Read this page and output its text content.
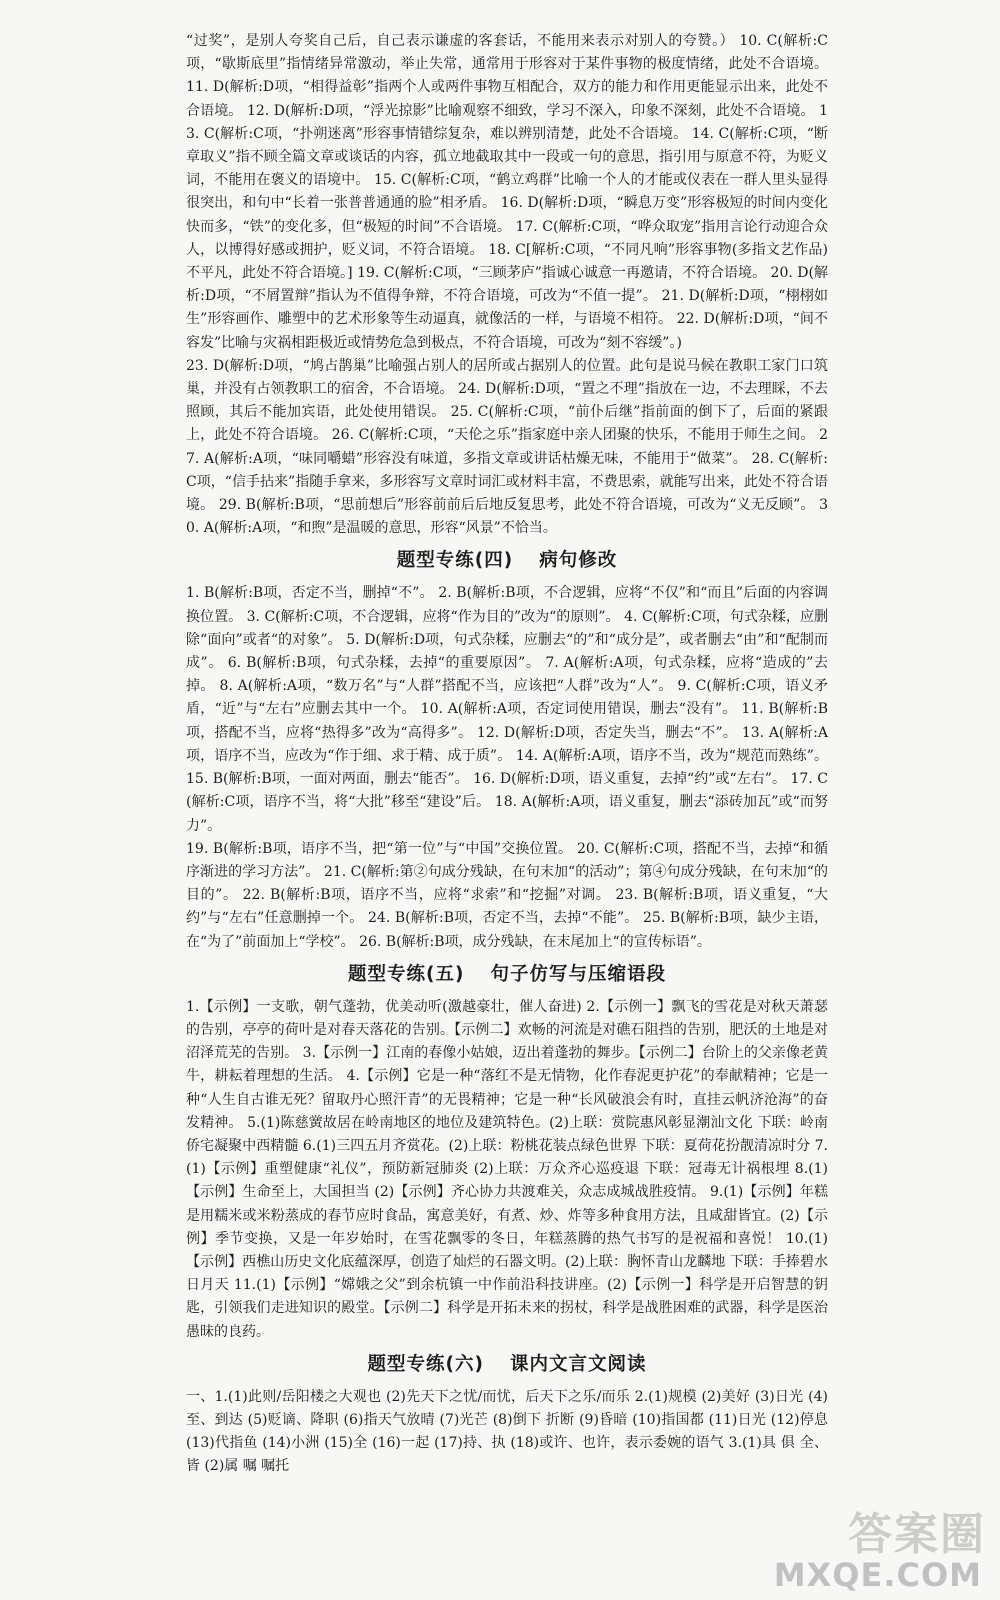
“过奖”，是别人夸奖自己后，自己表示谦虚的客套话，不能用来表示对别人的夸赞。） 10. C(解析:C项，“歇斯底里”指情绪异常激动，举止失常，通常用于形容对于某件事物的极度情绪，此处不合语境。 11. D(解析:D项，“相得益彰”指两个人或两件事物互相配合，双方的能力和作用更能显示出来，此处不合语境。 12. D(解析:D项，“浮光掠影”比喻观察不细致，学习不深入，印象不深刻，此处不合语境。 13. C(解析:C项，“扑朔迷离”形容事情错综复杂，难以辨别清楚，此处不合语境。 14. C(解析:C项，“断章取义”指不顾全篇文章或谈话的内容，孤立地截取其中一段或一句的意思，指引用与原意不符，为贬义词，不能用在褒义的语境中。 15. C(解析:C项，“鹤立鸡群”比喻一个人的才能或仪表在一群人里头显得很突出，和句中“长着一张普普通通的脸”相矛盾。 16. D(解析:D项，“瞬息万变”形容极短的时间内变化快而多，“铁”的变化多，但“极短的时间”不合语境。 17. C(解析:C项，“哗众取宠”指用言论行动迎合众人，以博得好感或拥护，贬义词，不符合语境。 18. C[解析:C项，“不同凡响”形容事物(多指文艺作品)不平凡，此处不符合语境。] 19. C(解析:C项，“三顾茅庐”指诚心诚意一再邀请，不符合语境。 20. D(解析:D项，“不屑置辩”指认为不值得争辩，不符合语境，可改为“不值一提”。 21. D(解析:D项，“栩栩如生”形容画作、雕塑中的艺术形象等生动逼真，就像活的一样，与语境不相符。 22. D(解析:D项，“间不容发”比喻与灾祸相距极近或情势危急到极点，不符合语境，可改为“刻不容缓”。)

23. D(解析:D项，“鸠占鹊巢”比喻强占别人的居所或占据别人的位置。此句是说马候在教职工家门口筑巢，并没有占领教职工的宿舍，不合语境。 24. D(解析:D项，“置之不理”指放在一边，不去理睬，不去照顾，其后不能加宾语，此处使用错误。 25. C(解析:C项，“前仆后继”指前面的倒下了，后面的紧跟上，此处不符合语境。 26. C(解析:C项，“天伦之乐”指家庭中亲人团聚的快乐，不能用于师生之间。 27. A(解析:A项，“味同嚼蜡”形容没有味道，多指文章或讲话枯燥无味，不能用于“做菜”。 28. C(解析:C项，“信手拈来”指随手拿来，多形容写文章时词汇或材料丰富，不费思索，就能写出来，此处不符合语境。 29. B(解析:B项，“思前想后”形容前前后后地反复思考，此处不符合语境，可改为“义无反顾”。 30. A(解析:A项，“和煦”是温暖的意思，形容“风景”不恰当。

题型专练(四) 病句修改

1. B(解析:B项，否定不当，删掉“不”。 2. B(解析:B项，不合逻辑，应将“不仅”和“而且”后面的内容调换位置。 3. C(解析:C项，不合逻辑，应将“作为目的”改为“的原则”。 4. C(解析:C项，句式杂糅，应删除“面向”或者“的对象”。 5. D(解析:D项，句式杂糅，应删去“的”和“成分是”，或者删去“由”和“配制而成”。 6. B(解析:B项，句式杂糅，去掉“的重要原因”。 7. A(解析:A项，句式杂糅，应将“造成的”去掉。 8. A(解析:A项，“数万名”与“人群”搭配不当，应该把“人群”改为“人”。 9. C(解析:C项，语义矛盾，“近”与“左右”应删去其中一个。 10. A(解析:A项，否定词使用错误，删去“没有”。 11. B(解析:B项，搭配不当，应将“热得多”改为“高得多”。 12. D(解析:D项，否定失当，删去“不”。 13. A(解析:A项，语序不当，应改为“作于细、求于精、成于质”。 14. A(解析:A项，语序不当，改为“规范而熟练”。 15. B(解析:B项，一面对两面，删去“能否”。 16. D(解析:D项，语义重复，去掉“约”或“左右”。 17. C(解析:C项，语序不当，将“大批”移至“建设”后。 18. A(解析:A项，语义重复，删去“添砖加瓦”或“而努力”。

19. B(解析:B项，语序不当，把“第一位”与“中国”交换位置。 20. C(解析:C项，搭配不当，去掉“和循序渐进的学习方法”。 21. C(解析:第②句成分残缺，在句末加“的活动”；第④句成分残缺，在句末加“的目的”。 22. B(解析:B项，语序不当，应将“求索”和“挖掘”对调。 23. B(解析:B项，语义重复，“大约”与“左右”任意删掉一个。 24. B(解析:B项，否定不当，去掉“不能”。 25. B(解析:B项，缺少主语，在“为了”前面加上“学校”。 26. B(解析:B项，成分残缺，在末尾加上“的宣传标语”。

题型专练(五) 句子仿写与压缩语段

1.【示例】一支歌，朝气蓬勃，优美动听(激越豪壮，催人奋进) 2.【示例一】飘飞的雪花是对秋天萧瑟的告别，亭亭的荷叶是对春天落花的告别。【示例二】欢畅的河流是对礁石阻挡的告别，肥沃的土地是对沼泽荒芜的告别。 3.【示例一】江南的春像小姑娘，迈出着蓬勃的舞步。【示例二】台阶上的父亲像老黄牛，耕耘着理想的生活。 4.【示例】它是一种“落红不是无情物，化作春泥更护花”的奉献精神；它是一种“人生自古谁无死？留取丹心照汗青”的无畏精神；它是一种“长风破浪会有时，直挂云帆济沧海”的奋发精神。 5.(1)陈慈黉故居在岭南地区的地位及建筑特色。(2)上联：赏院惠风彰显潮汕文化 下联：岭南侨宅凝聚中西精髓 6.(1)三四五月齐赏花。(2)上联：粉桃花装点绿色世界 下联：夏荷花扮靓清凉时分 7.(1)【示例】重塑健康“礼仪”，预防新冠肺炎 (2)上联：万众齐心巡疫退 下联：冠毒无计祸根埋 8.(1)【示例】生命至上，大国担当 (2)【示例】齐心协力共渡难关，众志成城战胜疫情。 9.(1)【示例】年糕是用糯米或米粉蒸成的春节应时食品，寓意美好，有煮、炒、炸等多种食用方法，且咸甜皆宜。(2)【示例】季节变换，又是一年岁始时，在雪花飘零的冬日，年糕蒸腾的热气书写的是祝福和喜悦！ 10.(1)【示例】西樵山历史文化底蕴深厚，创造了灿烂的石器文明。(2)上联：胸怀青山龙麟地 下联：手捧碧水日月天 11.(1)【示例】“嫦娥之父”到余杭镇一中作前沿科技讲座。(2)【示例一】科学是开启智慧的钥匙，引领我们走进知识的殿堂。【示例二】科学是开拓未来的拐杖，科学是战胜困难的武器，科学是医治愚昧的良药。

题型专练(六) 课内文言文阅读

一、1.(1)此则/岳阳楼之大观也 (2)先天下之忧/而忧，后天下之乐/而乐 2.(1)规模 (2)美好 (3)日光 (4)至、到达 (5)贬谪、降职 (6)指天气放晴 (7)光芒 (8)倒下 折断 (9)昏暗 (10)指国都 (11)日光 (12)停息 (13)代指鱼 (14)小洲 (15)全 (16)一起 (17)持、执 (18)或许、也许，表示委婉的语气 3.(1)具 俱 全、皆 (2)属 嘱 嘱托

答案圈
MXQE.COM
